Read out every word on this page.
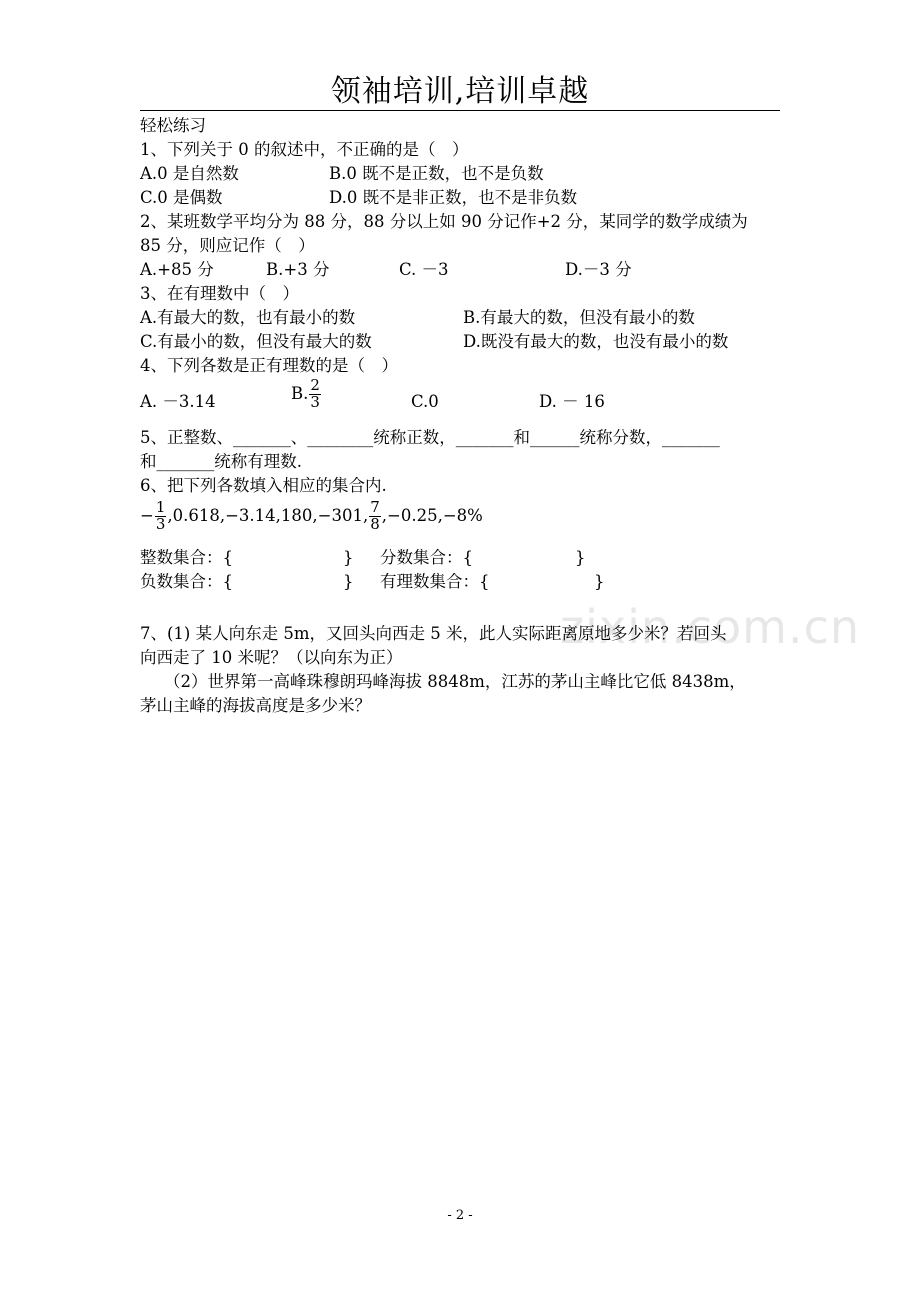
zixin.com.cn
领袖培训,培训卓越
轻松练习
1、下列关于 0 的叙述中，不正确的是（　）
A.0 是自然数	B.0 既不是正数，也不是负数
C.0 是偶数	D.0 既不是非正数，也不是非负数
2、某班数学平均分为 88 分，88 分以上如 90 分记作+2 分，某同学的数学成绩为
85 分，则应记作（　）
A.+85 分	B.+3 分	C. －3	D.－3 分
3、在有理数中（　）
A.有最大的数，也有最小的数	B.有最大的数，但没有最小的数
C.有最小的数，但没有最大的数	D.既没有最大的数，也没有最小的数
4、下列各数是正有理数的是（　）
A. －3.14	B. $\frac{2}{3}$	C.0	D. － 16
5、正整数、_______、________统称正数，_______和______统称分数，_______
和_______统称有理数.
6、把下列各数填入相应的集合内.
− $\frac{1}{3} ,0.618,-3.14,180,-301$, $\frac{7}{8} ,-0.25,-8\%$
整数集合：{	} 分数集合：{	}
负数集合：{	} 有理数集合：{	}
7、(1) 某人向东走 5m，又回头向西走 5 米，此人实际距离原地多少米？若回头
向西走了 10 米呢？（以向东为正）
（2）世界第一高峰珠穆朗玛峰海拔 8848m，江苏的茅山主峰比它低 8438m，
茅山主峰的海拔高度是多少米？
- 2 -
